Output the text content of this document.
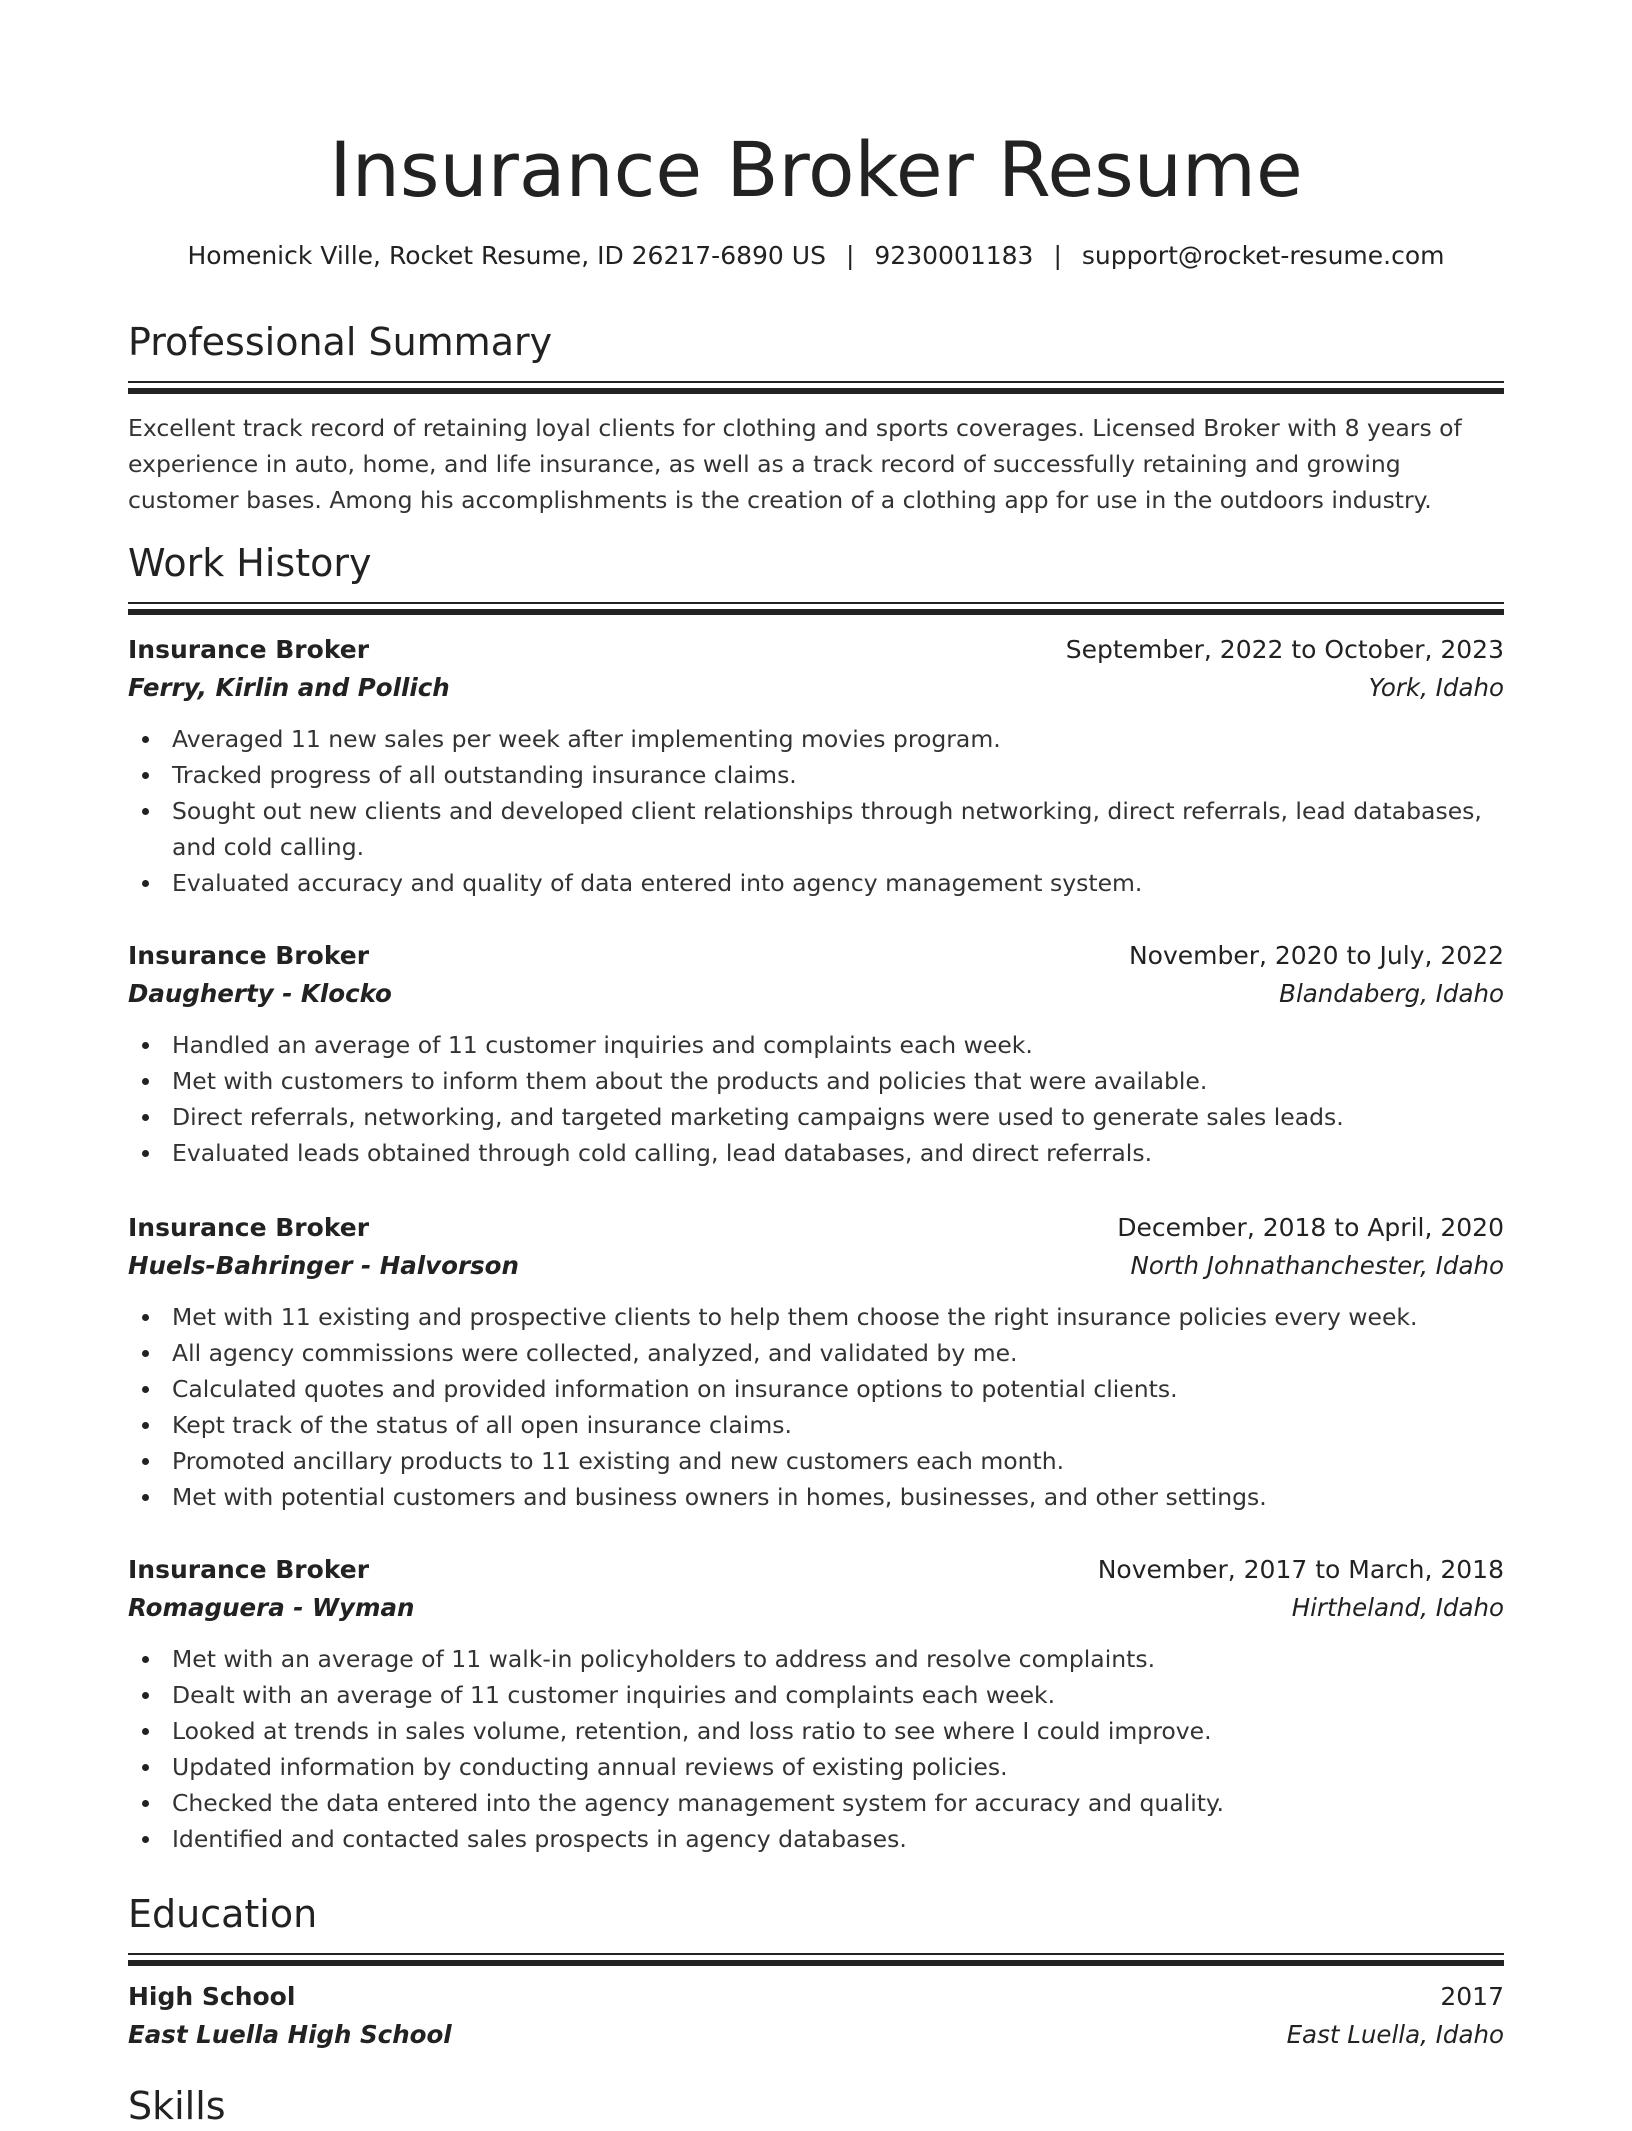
Insurance Broker Resume
Homenick Ville, Rocket Resume, ID 26217-6890 US | 9230001183 | support@rocket-resume.com
Professional Summary

Excellent track record of retaining loyal clients for clothing and sports coverages. Licensed Broker with 8 years of experience in auto, home, and life insurance, as well as a track record of successfully retaining and growing customer bases. Among his accomplishments is the creation of a clothing app for use in the outdoors industry.

Work History
Insurance Broker	September, 2022 to October, 2023
Ferry, Kirlin and Pollich	York, Idaho
Averaged 11 new sales per week after implementing movies program.
Tracked progress of all outstanding insurance claims.
Sought out new clients and developed client relationships through networking, direct referrals, lead databases, and cold calling.
Evaluated accuracy and quality of data entered into agency management system.
Insurance Broker	November, 2020 to July, 2022
Daugherty - Klocko	Blandaberg, Idaho
Handled an average of 11 customer inquiries and complaints each week.
Met with customers to inform them about the products and policies that were available.
Direct referrals, networking, and targeted marketing campaigns were used to generate sales leads.
Evaluated leads obtained through cold calling, lead databases, and direct referrals.
Insurance Broker	December, 2018 to April, 2020
Huels-Bahringer - Halvorson	North Johnathanchester, Idaho
Met with 11 existing and prospective clients to help them choose the right insurance policies every week.
All agency commissions were collected, analyzed, and validated by me.
Calculated quotes and provided information on insurance options to potential clients.
Kept track of the status of all open insurance claims.
Promoted ancillary products to 11 existing and new customers each month.
Met with potential customers and business owners in homes, businesses, and other settings.
Insurance Broker	November, 2017 to March, 2018
Romaguera - Wyman	Hirtheland, Idaho
Met with an average of 11 walk-in policyholders to address and resolve complaints.
Dealt with an average of 11 customer inquiries and complaints each week.
Looked at trends in sales volume, retention, and loss ratio to see where I could improve.
Updated information by conducting annual reviews of existing policies.
Checked the data entered into the agency management system for accuracy and quality.
Identified and contacted sales prospects in agency databases.
Education
High School	2017
East Luella High School	East Luella, Idaho
Skills
